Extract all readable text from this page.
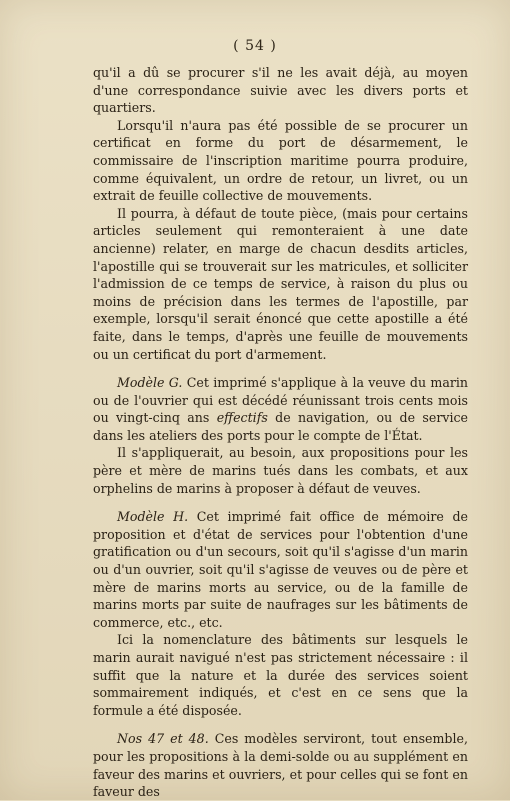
( 54 )

qu'il a dû se procurer s'il ne les avait déjà, au moyen d'une correspondance suivie avec les divers ports et quartiers.

Lorsqu'il n'aura pas été possible de se procurer un certificat en forme du port de désarmement, le commissaire de l'inscription maritime pourra produire, comme équivalent, un ordre de retour, un livret, ou un extrait de feuille collective de mouvements.

Il pourra, à défaut de toute pièce, (mais pour certains articles seulement qui remonteraient à une date ancienne) relater, en marge de chacun desdits articles, l'apostille qui se trouverait sur les matricules, et solliciter l'admission de ce temps de service, à raison du plus ou moins de précision dans les termes de l'apostille, par exemple, lorsqu'il serait énoncé que cette apostille a été faite, dans le temps, d'après une feuille de mouvements ou un certificat du port d'armement.

Modèle G. Cet imprimé s'applique à la veuve du marin ou de l'ouvrier qui est décédé réunissant trois cents mois ou vingt-cinq ans effectifs de navigation, ou de service dans les ateliers des ports pour le compte de l'État.

Il s'appliquerait, au besoin, aux propositions pour les père et mère de marins tués dans les combats, et aux orphelins de marins à proposer à défaut de veuves.

Modèle H. Cet imprimé fait office de mémoire de proposition et d'état de services pour l'obtention d'une gratification ou d'un secours, soit qu'il s'agisse d'un marin ou d'un ouvrier, soit qu'il s'agisse de veuves ou de père et mère de marins morts au service, ou de la famille de marins morts par suite de naufrages sur les bâtiments de commerce, etc., etc.

Ici la nomenclature des bâtiments sur lesquels le marin aurait navigué n'est pas strictement nécessaire : il suffit que la nature et la durée des services soient sommairement indiqués, et c'est en ce sens que la formule a été disposée.

Nos 47 et 48. Ces modèles serviront, tout ensemble, pour les propositions à la demi-solde ou au supplément en faveur des marins et ouvriers, et pour celles qui se font en faveur des
